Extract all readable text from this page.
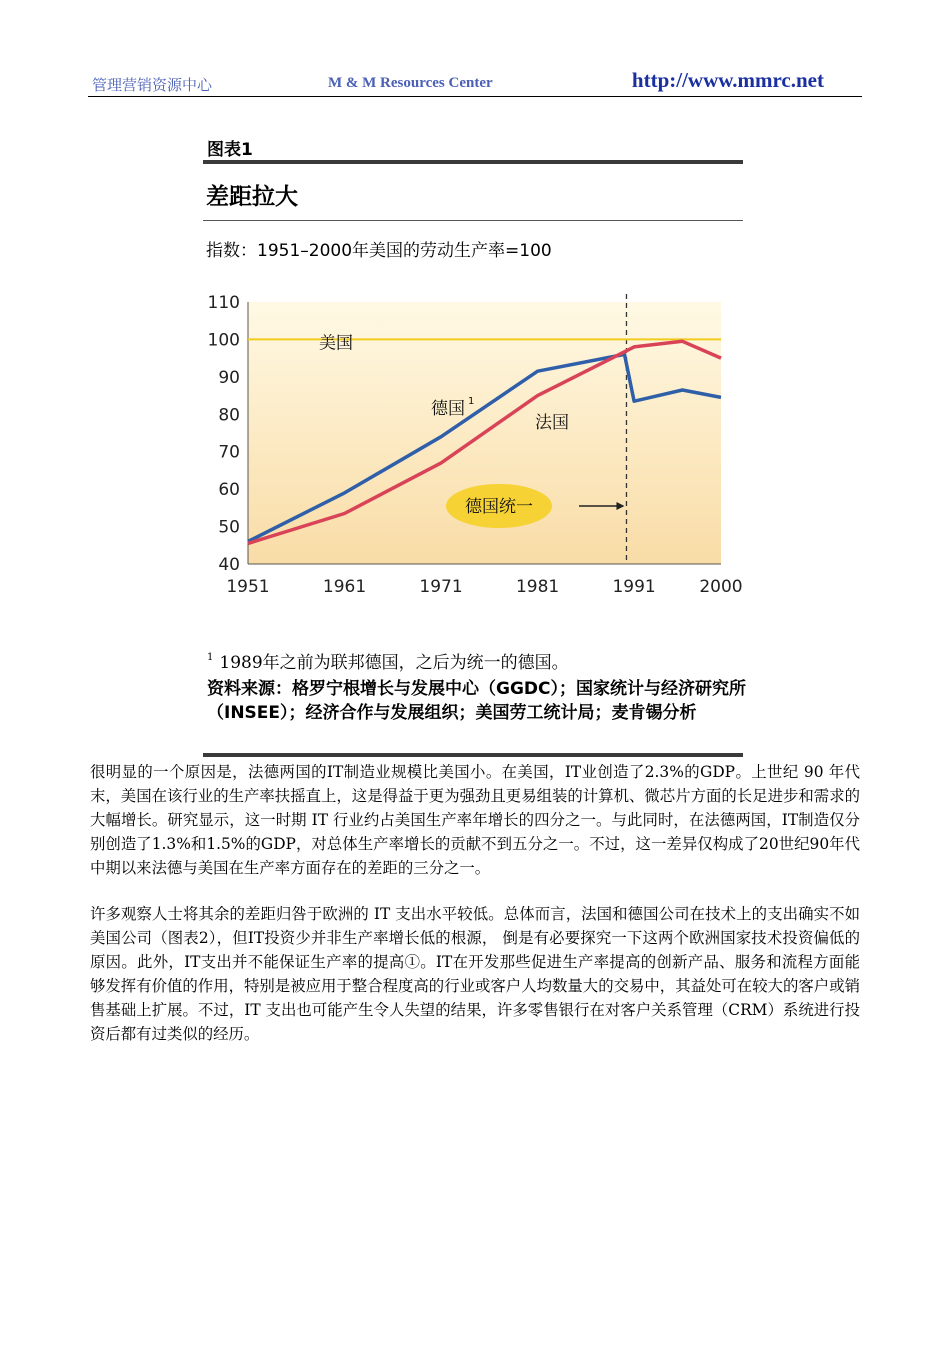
管理营销资源中心	M & M Resources Center	http://www.mmrc.net
图表1
差距拉大
指数：1951–2000年美国的劳动生产率=100
40
50
60
70
80
90
100
110
1951	1961	1971	1981	1991	2000
美国
德国 1
法国
德国统一
$^1$ 1989年之前为联邦德国，之后为统一的德国。
资料来源：格罗宁根增长与发展中心（GGDC）；国家统计与经济研究所（INSEE）；经济合作与发展组织；美国劳工统计局；麦肯锡分析

很明显的一个原因是，法德两国的IT制造业规模比美国小。在美国，IT业创造了2.3%的GDP。上世纪 90 年代末，美国在该行业的生产率扶摇直上，这是得益于更为强劲且更易组装的计算机、微芯片方面的长足进步和需求的大幅增长。研究显示，这一时期 IT 行业约占美国生产率年增长的四分之一。与此同时，在法德两国，IT制造仅分别创造了1.3%和1.5%的GDP，对总体生产率增长的贡献不到五分之一。不过，这一差异仅构成了20世纪90年代中期以来法德与美国在生产率方面存在的差距的三分之一。

许多观察人士将其余的差距归咎于欧洲的 IT 支出水平较低。总体而言，法国和德国公司在技术上的支出确实不如美国公司（图表2），但IT投资少并非生产率增长低的根源， 倒是有必要探究一下这两个欧洲国家技术投资偏低的原因。此外，IT支出并不能保证生产率的提高①。IT在开发那些促进生产率提高的创新产品、服务和流程方面能够发挥有价值的作用，特别是被应用于整合程度高的行业或客户人均数量大的交易中，其益处可在较大的客户或销售基础上扩展。不过，IT 支出也可能产生令人失望的结果，许多零售银行在对客户关系管理（CRM）系统进行投资后都有过类似的经历。
